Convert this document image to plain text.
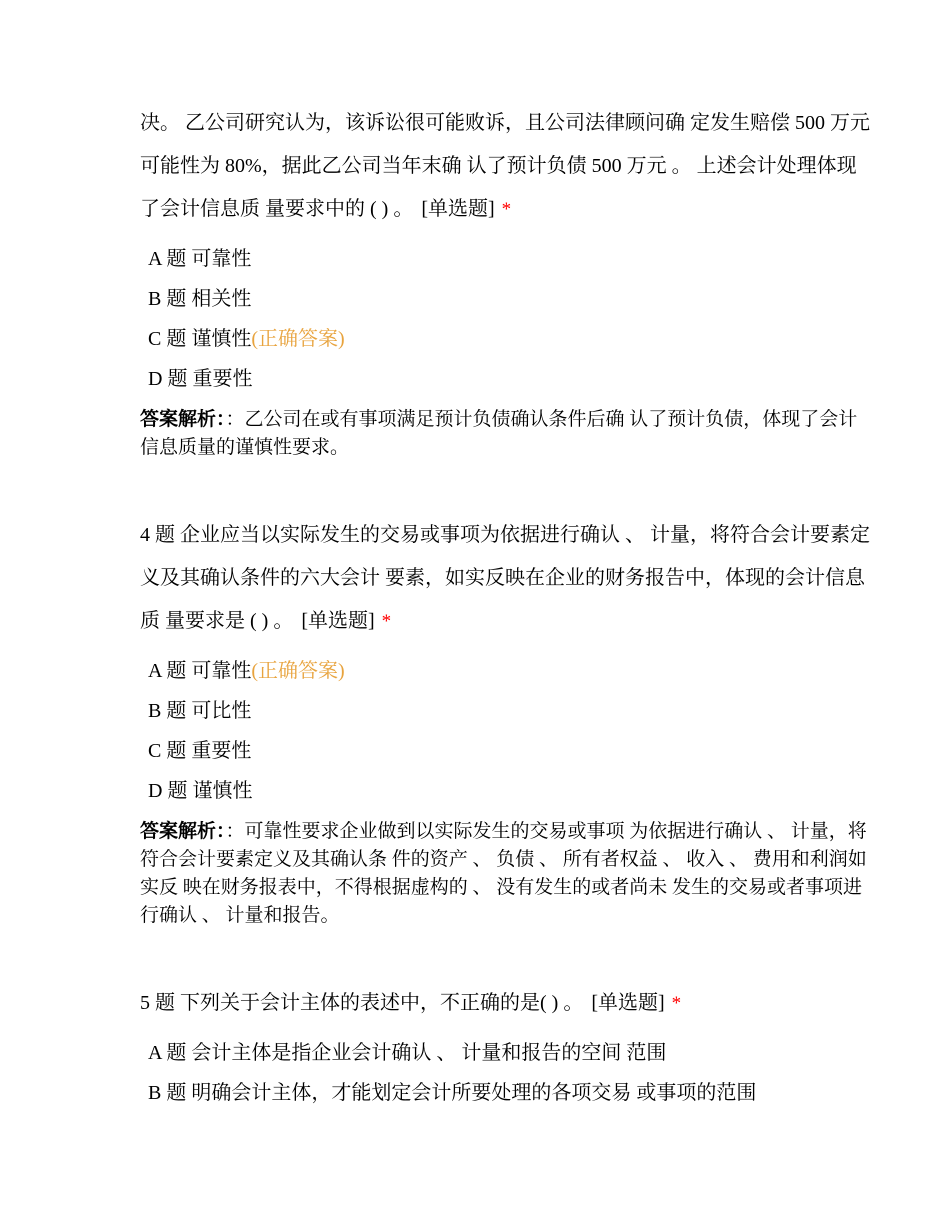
决。 乙公司研究认为，该诉讼很可能败诉，且公司法律顾问确 定发生赔偿 500 万元
可能性为 80%，据此乙公司当年末确 认了预计负债 500 万元 。 上述会计处理体现
了会计信息质 量要求中的 ( ) 。 [单选题] *
A 题 可靠性
B 题 相关性
C 题 谨慎性(正确答案)
D 题 重要性

答案解析：：乙公司在或有事项满足预计负债确认条件后确 认了预计负债，体现了会计信息质量的谨慎性要求。

4 题 企业应当以实际发生的交易或事项为依据进行确认 、 计量，将符合会计要素定
义及其确认条件的六大会计 要素，如实反映在企业的财务报告中，体现的会计信息
质 量要求是 ( ) 。 [单选题] *
A 题 可靠性(正确答案)
B 题 可比性
C 题 重要性
D 题 谨慎性

答案解析：：可靠性要求企业做到以实际发生的交易或事项 为依据进行确认 、 计量，将符合会计要素定义及其确认条 件的资产 、 负债 、 所有者权益 、 收入 、 费用和利润如实反 映在财务报表中，不得根据虚构的 、 没有发生的或者尚未 发生的交易或者事项进行确认 、 计量和报告。

5 题 下列关于会计主体的表述中，不正确的是( ) 。 [单选题] *
A 题 会计主体是指企业会计确认 、 计量和报告的空间 范围
B 题 明确会计主体，才能划定会计所要处理的各项交易 或事项的范围
